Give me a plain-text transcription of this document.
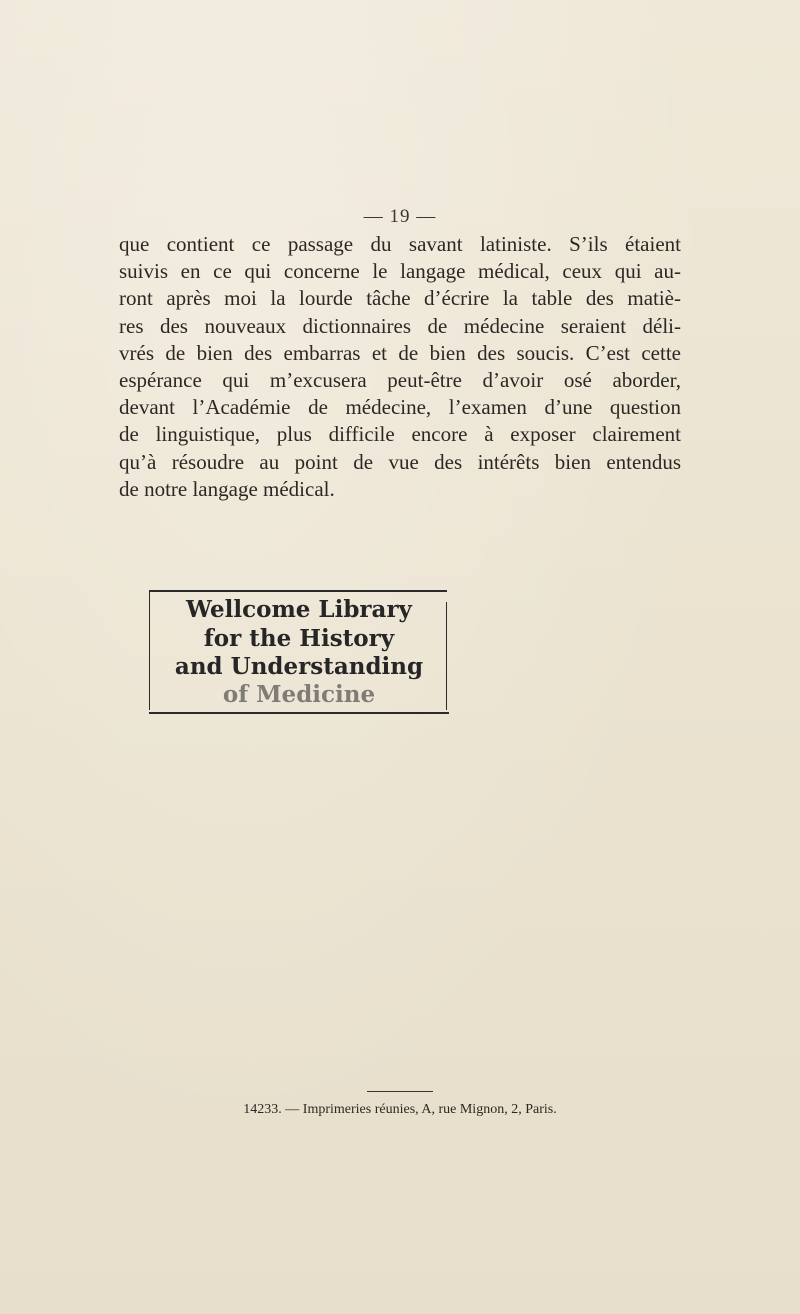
— 19 —
que contient ce passage du savant latiniste. S’ils étaient
suivis en ce qui concerne le langage médical, ceux qui au-
ront après moi la lourde tâche d’écrire la table des matiè-
res des nouveaux dictionnaires de médecine seraient déli-
vrés de bien des embarras et de bien des soucis. C’est cette
espérance qui m’excusera peut-être d’avoir osé aborder,
devant l’Académie de médecine, l’examen d’une question
de linguistique, plus difficile encore à exposer clairement
qu’à résoudre au point de vue des intérêts bien entendus
de notre langage médical.
Wellcome Library
for the History
and Understanding
of Medicine
14233. — Imprimeries réunies, A, rue Mignon, 2, Paris.
